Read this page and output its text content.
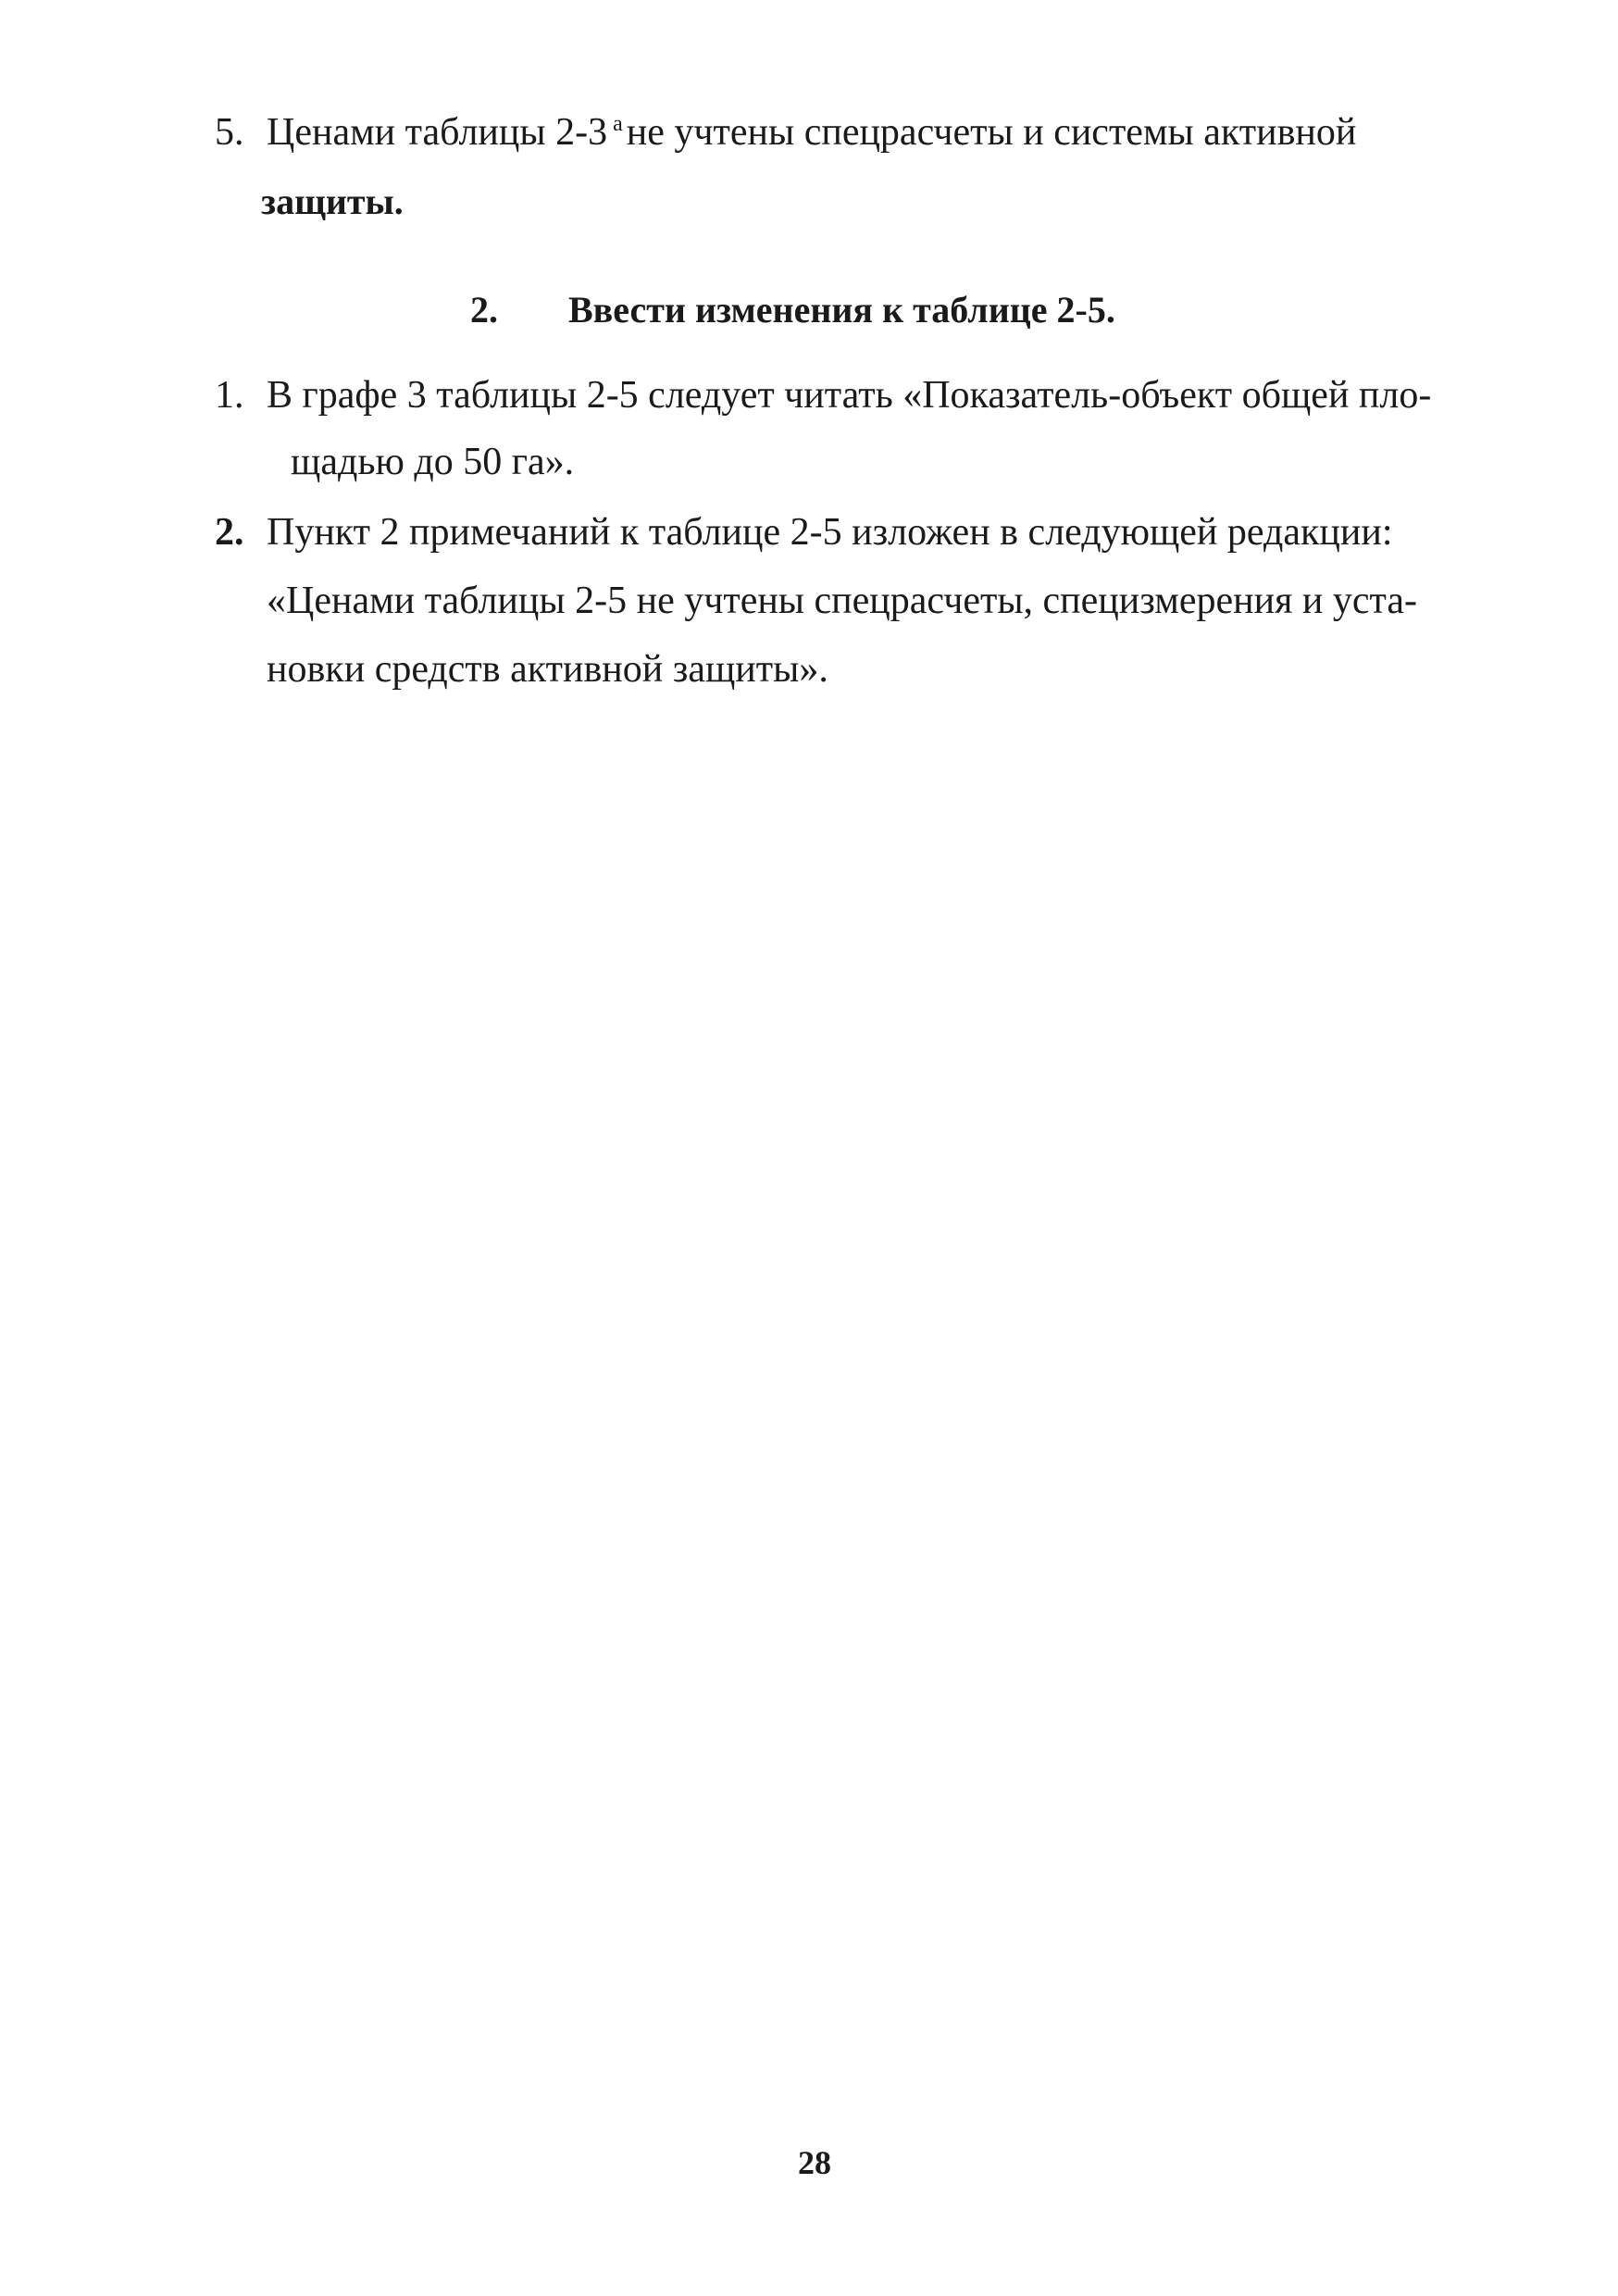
5. Ценами таблицы 2-3 $^а$не учтены спецрасчеты и системы активной
защиты.
2. Ввести изменения к таблице 2-5.
1. В графе 3 таблицы 2-5 следует читать «Показатель-объект общей пло-
щадью до 50 га».
2. Пункт 2 примечаний к таблице 2-5 изложен в следующей редакции:
«Ценами таблицы 2-5 не учтены спецрасчеты, специзмерения и уста-
новки средств активной защиты».
28
